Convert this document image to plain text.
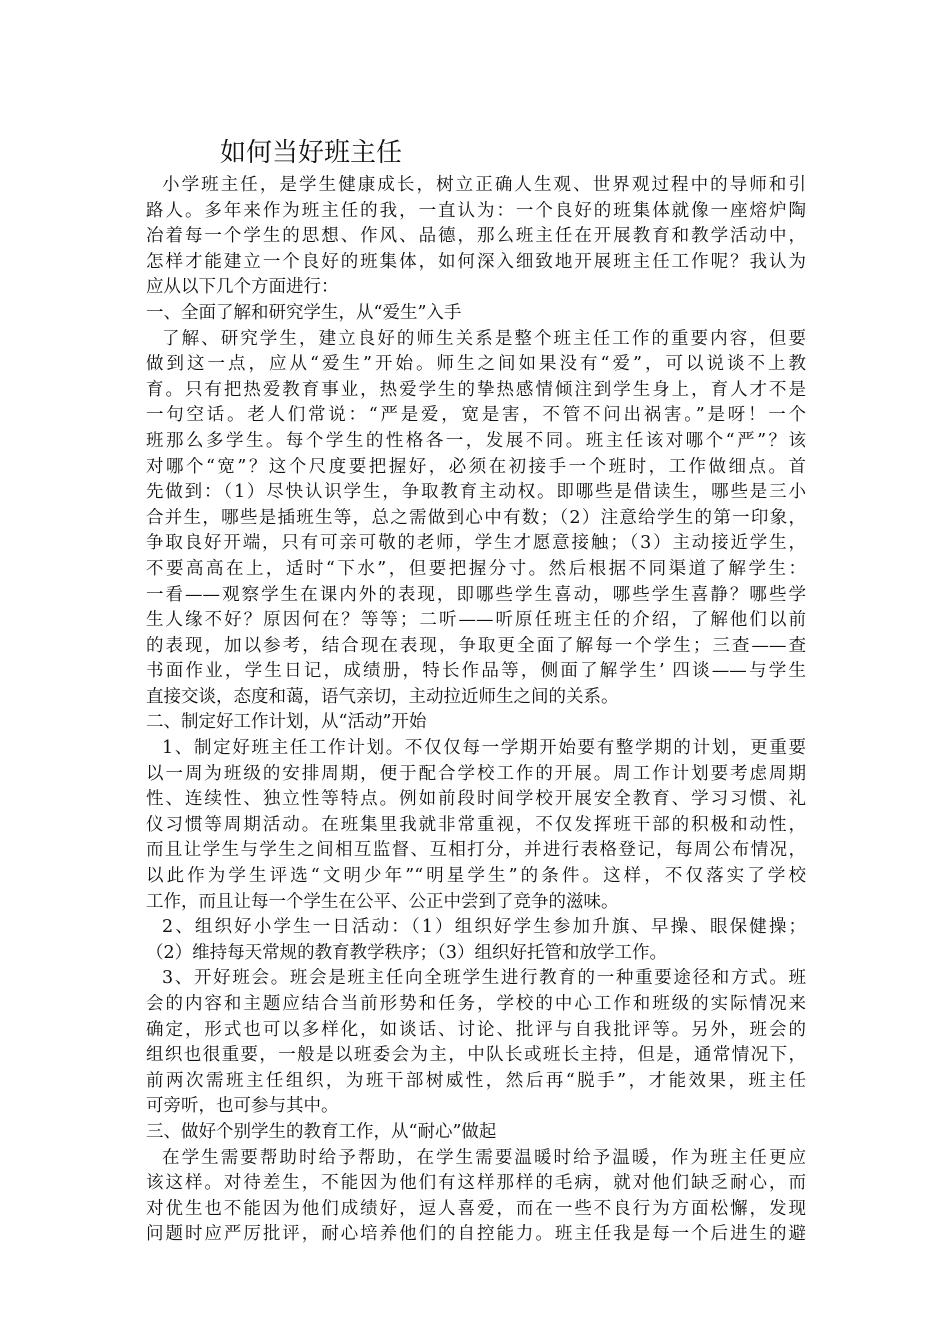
如何当好班主任
小学班主任，是学生健康成长，树立正确人生观、世界观过程中的导师和引
路人。多年来作为班主任的我，一直认为：一个良好的班集体就像一座熔炉陶
冶着每一个学生的思想、作风、品德，那么班主任在开展教育和教学活动中，
怎样才能建立一个良好的班集体，如何深入细致地开展班主任工作呢？我认为
应从以下几个方面进行：
一、全面了解和研究学生，从“爱生”入手
了解、研究学生，建立良好的师生关系是整个班主任工作的重要内容，但要
做到这一点，应从“爱生”开始。师生之间如果没有“爱”，可以说谈不上教
育。只有把热爱教育事业，热爱学生的挚热感情倾注到学生身上，育人才不是
一句空话。老人们常说：“严是爱，宽是害，不管不问出祸害。”是呀！一个
班那么多学生。每个学生的性格各一，发展不同。班主任该对哪个“严”？该
对哪个“宽”？这个尺度要把握好，必须在初接手一个班时，工作做细点。首
先做到：（1）尽快认识学生，争取教育主动权。即哪些是借读生，哪些是三小
合并生，哪些是插班生等，总之需做到心中有数；（2）注意给学生的第一印象，
争取良好开端，只有可亲可敬的老师，学生才愿意接触；（3）主动接近学生，
不要高高在上，适时“下水”，但要把握分寸。然后根据不同渠道了解学生：
一看——观察学生在课内外的表现，即哪些学生喜动，哪些学生喜静？哪些学
生人缘不好？原因何在？等等；二听——听原任班主任的介绍，了解他们以前
的表现，加以参考，结合现在表现，争取更全面了解每一个学生；三查——查
书面作业，学生日记，成绩册，特长作品等，侧面了解学生’ 四谈——与学生
直接交谈，态度和蔼，语气亲切，主动拉近师生之间的关系。
二、制定好工作计划，从“活动”开始
1、制定好班主任工作计划。不仅仅每一学期开始要有整学期的计划，更重要
以一周为班级的安排周期，便于配合学校工作的开展。周工作计划要考虑周期
性、连续性、独立性等特点。例如前段时间学校开展安全教育、学习习惯、礼
仪习惯等周期活动。在班集里我就非常重视，不仅发挥班干部的积极和动性，
而且让学生与学生之间相互监督、互相打分，并进行表格登记，每周公布情况，
以此作为学生评选“文明少年”“明星学生”的条件。这样，不仅落实了学校
工作，而且让每一个学生在公平、公正中尝到了竞争的滋味。
2、组织好小学生一日活动：（1）组织好学生参加升旗、早操、眼保健操；
（2）维持每天常规的教育教学秩序；（3）组织好托管和放学工作。
3、开好班会。班会是班主任向全班学生进行教育的一种重要途径和方式。班
会的内容和主题应结合当前形势和任务，学校的中心工作和班级的实际情况来
确定，形式也可以多样化，如谈话、讨论、批评与自我批评等。另外，班会的
组织也很重要，一般是以班委会为主，中队长或班长主持，但是，通常情况下，
前两次需班主任组织，为班干部树威性，然后再“脱手”，才能效果，班主任
可旁听，也可参与其中。
三、做好个别学生的教育工作，从“耐心”做起
在学生需要帮助时给予帮助，在学生需要温暖时给予温暖，作为班主任更应
该这样。对待差生，不能因为他们有这样那样的毛病，就对他们缺乏耐心，而
对优生也不能因为他们成绩好，逗人喜爱，而在一些不良行为方面松懈，发现
问题时应严厉批评，耐心培养他们的自控能力。班主任我是每一个后进生的避
